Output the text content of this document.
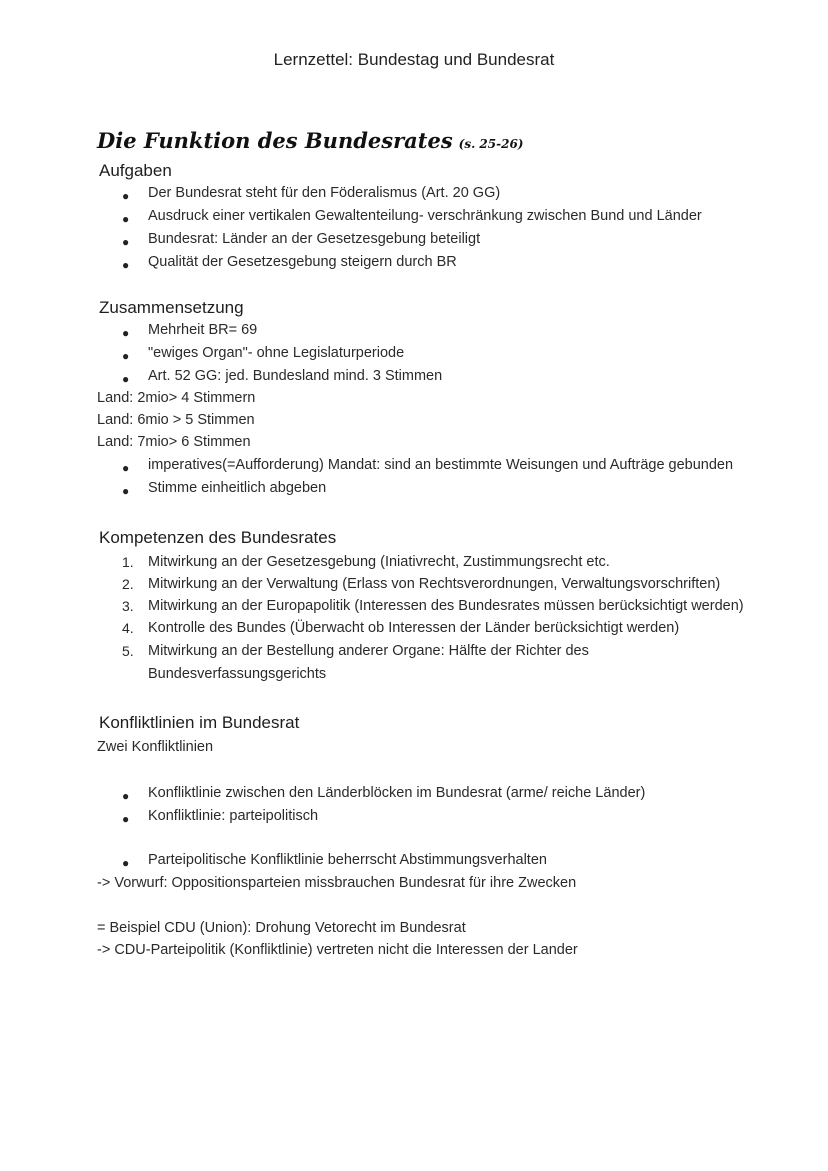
Lernzettel: Bundestag und Bundesrat
Die Funktion des Bundesrates (s. 25-26)
Aufgaben
● Der Bundesrat steht für den Föderalismus (Art. 20 GG)
● Ausdruck einer vertikalen Gewaltenteilung- verschränkung zwischen Bund und Länder
● Bundesrat: Länder an der Gesetzesgebung beteiligt
● Qualität der Gesetzesgebung steigern durch BR
Zusammensetzung
● Mehrheit BR= 69
● "ewiges Organ"- ohne Legislaturperiode
● Art. 52 GG: jed. Bundesland mind. 3 Stimmen
Land: 2mio> 4 Stimmern
Land: 6mio > 5 Stimmen
Land: 7mio> 6 Stimmen
● imperatives(=Aufforderung) Mandat: sind an bestimmte Weisungen und Aufträge gebunden
● Stimme einheitlich abgeben
Kompetenzen des Bundesrates
1. Mitwirkung an der Gesetzesgebung (Iniativrecht, Zustimmungsrecht etc.
2. Mitwirkung an der Verwaltung (Erlass von Rechtsverordnungen, Verwaltungsvorschriften)
3. Mitwirkung an der Europapolitik (Interessen des Bundesrates müssen berücksichtigt werden)
4. Kontrolle des Bundes (Überwacht ob Interessen der Länder berücksichtigt werden)
5. Mitwirkung an der Bestellung anderer Organe: Hälfte der Richter des
Bundesverfassungsgerichts
Konfliktlinien im Bundesrat
Zwei Konfliktlinien
● Konfliktlinie zwischen den Länderblöcken im Bundesrat (arme/ reiche Länder)
● Konfliktlinie: parteipolitisch
● Parteipolitische Konfliktlinie beherrscht Abstimmungsverhalten
-> Vorwurf: Oppositionsparteien missbrauchen Bundesrat für ihre Zwecken
= Beispiel CDU (Union): Drohung Vetorecht im Bundesrat
-> CDU-Parteipolitik (Konfliktlinie) vertreten nicht die Interessen der Lander
